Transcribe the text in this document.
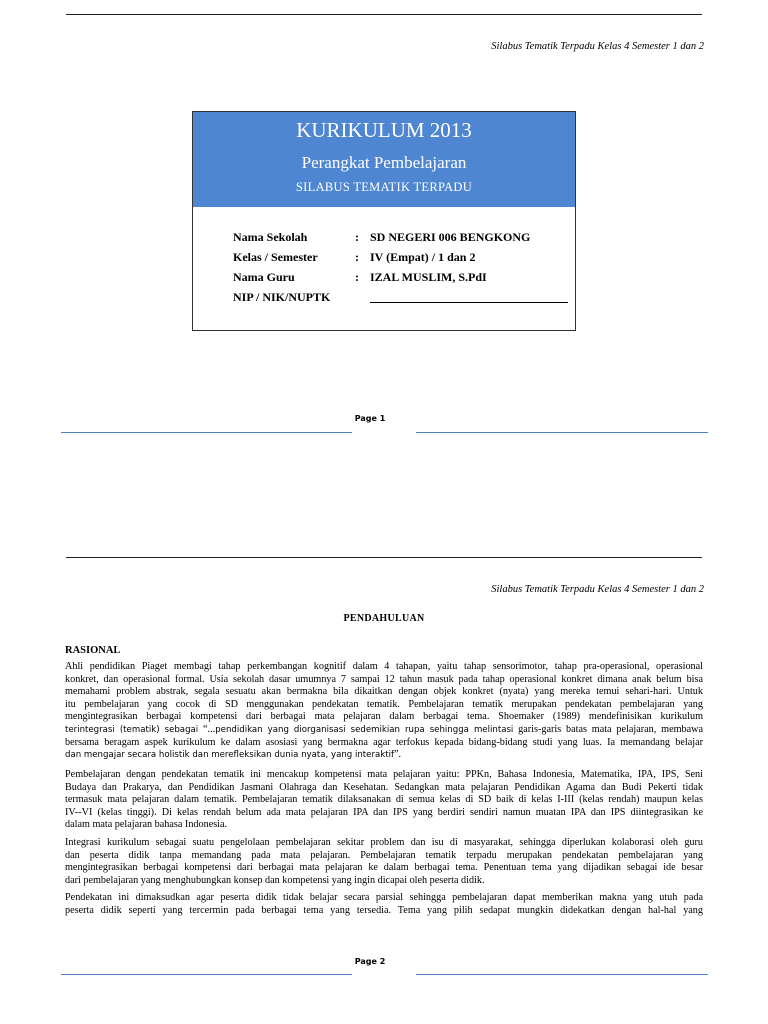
Silabus Tematik Terpadu Kelas 4 Semester 1 dan 2
KURIKULUM 2013
Perangkat Pembelajaran
SILABUS TEMATIK TERPADU
Nama Sekolah	: SD NEGERI 006 BENGKONG
Kelas / Semester	: IV (Empat) / 1 dan 2
Nama Guru	: IZAL MUSLIM, S.PdI
NIP / NIK/NUPTK
Page 1
Silabus Tematik Terpadu Kelas 4 Semester 1 dan 2
PENDAHULUAN
RASIONAL
Ahli pendidikan Piaget membagi tahap perkembangan kognitif dalam 4 tahapan, yaitu tahap sensorimotor, tahap pra-operasional, operasional
konkret, dan operasional formal. Usia sekolah dasar umumnya 7 sampai 12 tahun masuk pada tahap operasional konkret dimana anak belum bisa
memahami problem abstrak, segala sesuatu akan bermakna bila dikaitkan dengan objek konkret (nyata) yang mereka temui sehari-hari. Untuk
itu pembelajaran yang cocok di SD menggunakan pendekatan tematik. Pembelajaran tematik merupakan pendekatan pembelajaran yang
mengintegrasikan berbagai kompetensi dari berbagai mata pelajaran dalam berbagai tema. Shoemaker (1989) mendefinisikan kurikulum
terintegrasi (tematik) sebagai “...pendidikan yang diorganisasi sedemikian rupa sehingga melintasi garis-garis batas mata pelajaran, membawa
bersama beragam aspek kurikulum ke dalam asosiasi yang bermakna agar terfokus kepada bidang-bidang studi yang luas. Ia memandang belajar
dan mengajar secara holistik dan merefleksikan dunia nyata, yang interaktif”.
Pembelajaran dengan pendekatan tematik ini mencakup kompetensi mata pelajaran yaitu: PPKn, Bahasa Indonesia, Matematika, IPA, IPS, Seni
Budaya dan Prakarya, dan Pendidikan Jasmani Olahraga dan Kesehatan. Sedangkan mata pelajaran Pendidikan Agama dan Budi Pekerti tidak
termasuk mata pelajaran dalam tematik. Pembelajaran tematik dilaksanakan di semua kelas di SD baik di kelas I-III (kelas rendah) maupun kelas
IV--VI (kelas tinggi). Di kelas rendah belum ada mata pelajaran IPA dan IPS yang berdiri sendiri namun muatan IPA dan IPS diintegrasikan ke
dalam mata pelajaran bahasa Indonesia.
Integrasi kurikulum sebagai suatu pengelolaan pembelajaran sekitar problem dan isu di masyarakat, sehingga diperlukan kolaborasi oleh guru
dan peserta didik tanpa memandang pada mata pelajaran. Pembelajaran tematik terpadu merupakan pendekatan pembelajaran yang
mengintegrasikan berbagai kompetensi dari berbagai mata pelajaran ke dalam berbagai tema. Penentuan tema yang dijadikan sebagai ide besar
dari pembelajaran yang menghubungkan konsep dan kompetensi yang ingin dicapai oleh peserta didik.
Pendekatan ini dimaksudkan agar peserta didik tidak belajar secara parsial sehingga pembelajaran dapat memberikan makna yang utuh pada
peserta didik seperti yang tercermin pada berbagai tema yang tersedia. Tema yang pilih sedapat mungkin didekatkan dengan hal-hal yang
Page 2
